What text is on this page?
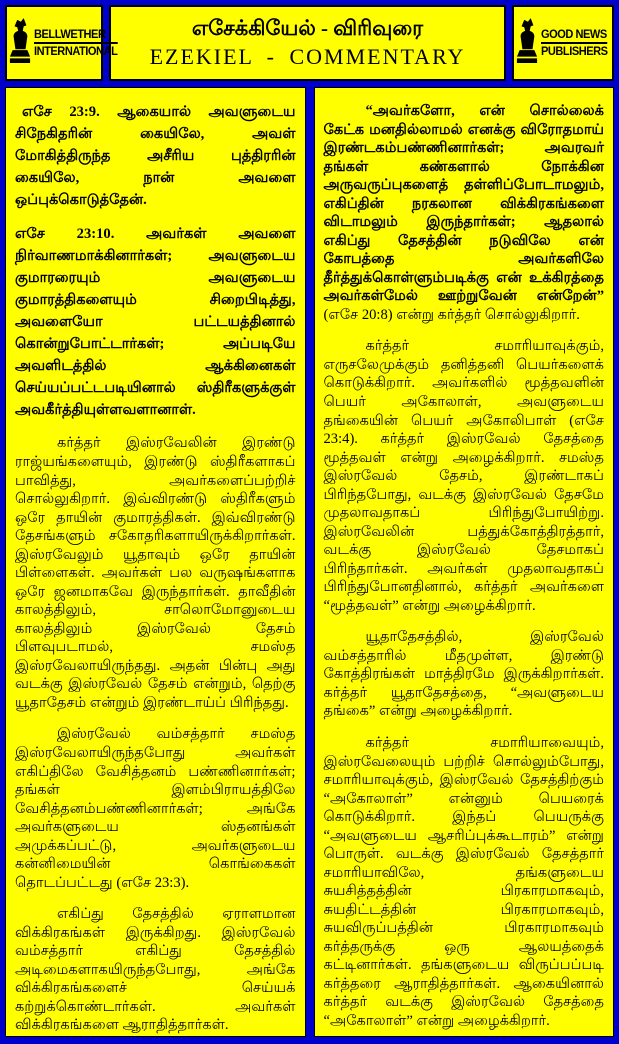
BELLWETHER
INTERNATIONAL
எசேக்கியேல் - விரிவுரை
EZEKIEL - COMMENTARY
GOOD NEWS
PUBLISHERS

எசே 23:9. ஆகையால் அவளுடைய சிநேகிதரின் கையிலே, அவள் மோகித்திருந்த அசீரிய புத்திரரின் கையிலே, நான் அவளை ஒப்புக்கொடுத்தேன்.

எசே 23:10. அவர்கள் அவளை நிர்வாணமாக்கினார்கள்; அவளுடைய குமாரரையும் அவளுடைய குமாரத்திகளையும் சிறைபிடித்து, அவளையோ பட்டயத்தினால் கொன்றுபோட்டார்கள்; அப்படியே அவளிடத்தில் ஆக்கினைகள் செய்யப்பட்டபடியினால் ஸ்திரீகளுக்குள் அவகீர்த்தியுள்ளவளானாள்.

கர்த்தர் இஸ்ரவேலின் இரண்டு ராஜ்யங்களையும், இரண்டு ஸ்திரீகளாகப் பாவித்து, அவர்களைப்பற்றிச் சொல்லுகிறார். இவ்விரண்டு ஸ்திரீகளும் ஒரே தாயின் குமாரத்திகள். இவ்விரண்டு தேசங்களும் சகோதரிகளாயிருக்கிறார்கள். இஸ்ரவேலும் யூதாவும் ஒரே தாயின் பிள்ளைகள். அவர்கள் பல வருஷங்களாக ஒரே ஜனமாகவே இருந்தார்கள். தாவீதின் காலத்திலும், சாலொமோனுடைய காலத்திலும் இஸ்ரவேல் தேசம் பிளவுபடாமல், சமஸ்த இஸ்ரவேலாயிருந்தது. அதன் பின்பு அது வடக்கு இஸ்ரவேல் தேசம் என்றும், தெற்கு யூதாதேசம் என்றும் இரண்டாய்ப் பிரிந்தது.

இஸ்ரவேல் வம்சத்தார் சமஸ்த இஸ்ரவேலாயிருந்தபோது அவர்கள் எகிப்திலே வேசித்தனம் பண்ணினார்கள்; தங்கள் இளம்பிராயத்திலே வேசித்தனம்பண்ணினார்கள்; அங்கே அவர்களுடைய ஸ்தனங்கள் அமுக்கப்பட்டு, அவர்களுடைய கன்னிமையின் கொங்கைகள் தொடப்பட்டது (எசே 23:3).

எகிப்து தேசத்தில் ஏராளமான விக்கிரகங்கள் இருக்கிறது. இஸ்ரவேல் வம்சத்தார் எகிப்து தேசத்தில் அடிமைகளாகயிருந்தபோது, அங்கே விக்கிரகங்களைச் செய்யக் கற்றுக்கொண்டார்கள். அவர்கள் விக்கிரகங்களை ஆராதித்தார்கள்.

“அவர்களோ, என் சொல்லைக் கேட்க மனதில்லாமல் எனக்கு விரோதமாய் இரண்டகம்பண்ணினார்கள்; அவரவர் தங்கள் கண்களால் நோக்கின அருவருப்புகளைத் தள்ளிப்போடாமலும், எகிப்தின் நரகலான விக்கிரகங்களை விடாமலும் இருந்தார்கள்; ஆதலால் எகிப்து தேசத்தின் நடுவிலே என் கோபத்தை அவர்களிலே தீர்த்துக்கொள்ளும்படிக்கு என் உக்கிரத்தை அவர்கள்மேல் ஊற்றுவேன் என்றேன்” (எசே 20:8) என்று கர்த்தர் சொல்லுகிறார்.

கர்த்தர் சமாரியாவுக்கும், எருசலேமுக்கும் தனித்தனி பெயர்களைக் கொடுக்கிறார். அவர்களில் மூத்தவளின் பெயர் அகோலாள், அவளுடைய தங்கையின் பெயர் அகோலிபாள் (எசே 23:4). கர்த்தர் இஸ்ரவேல் தேசத்தை மூத்தவள் என்று அழைக்கிறார். சமஸ்த இஸ்ரவேல் தேசம், இரண்டாகப் பிரிந்தபோது, வடக்கு இஸ்ரவேல் தேசமே முதலாவதாகப் பிரிந்துபோயிற்று. இஸ்ரவேலின் பத்துக்கோத்திரத்தார், வடக்கு இஸ்ரவேல் தேசமாகப் பிரிந்தார்கள். அவர்கள் முதலாவதாகப் பிரிந்துபோனதினால், கர்த்தர் அவர்களை “மூத்தவள்” என்று அழைக்கிறார்.

யூதாதேசத்தில், இஸ்ரவேல் வம்சத்தாரில் மீதமுள்ள, இரண்டு கோத்திரங்கள் மாத்திரமே இருக்கிறார்கள். கர்த்தர் யூதாதேசத்தை, “அவளுடைய தங்கை” என்று அழைக்கிறார்.

கர்த்தர் சமாரியாவையும், இஸ்ரவேலையும் பற்றிச் சொல்லும்போது, சமாரியாவுக்கும், இஸ்ரவேல் தேசத்திற்கும் “அகோலாள்” என்னும் பெயரைக் கொடுக்கிறார். இந்தப் பெயருக்கு “அவளுடைய ஆசரிப்புக்கூடாரம்” என்று பொருள். வடக்கு இஸ்ரவேல் தேசத்தார் சமாரியாவிலே, தங்களுடைய சுயசித்தத்தின் பிரகாரமாகவும், சுயதிட்டத்தின் பிரகாரமாகவும், சுயவிருப்பத்தின் பிரகாரமாகவும் கர்த்தருக்கு ஒரு ஆலயத்தைக் கட்டினார்கள். தங்களுடைய விருப்பப்படி கர்த்தரை ஆராதித்தார்கள். ஆகையினால் கர்த்தர் வடக்கு இஸ்ரவேல் தேசத்தை “அகோலாள்” என்று அழைக்கிறார்.
